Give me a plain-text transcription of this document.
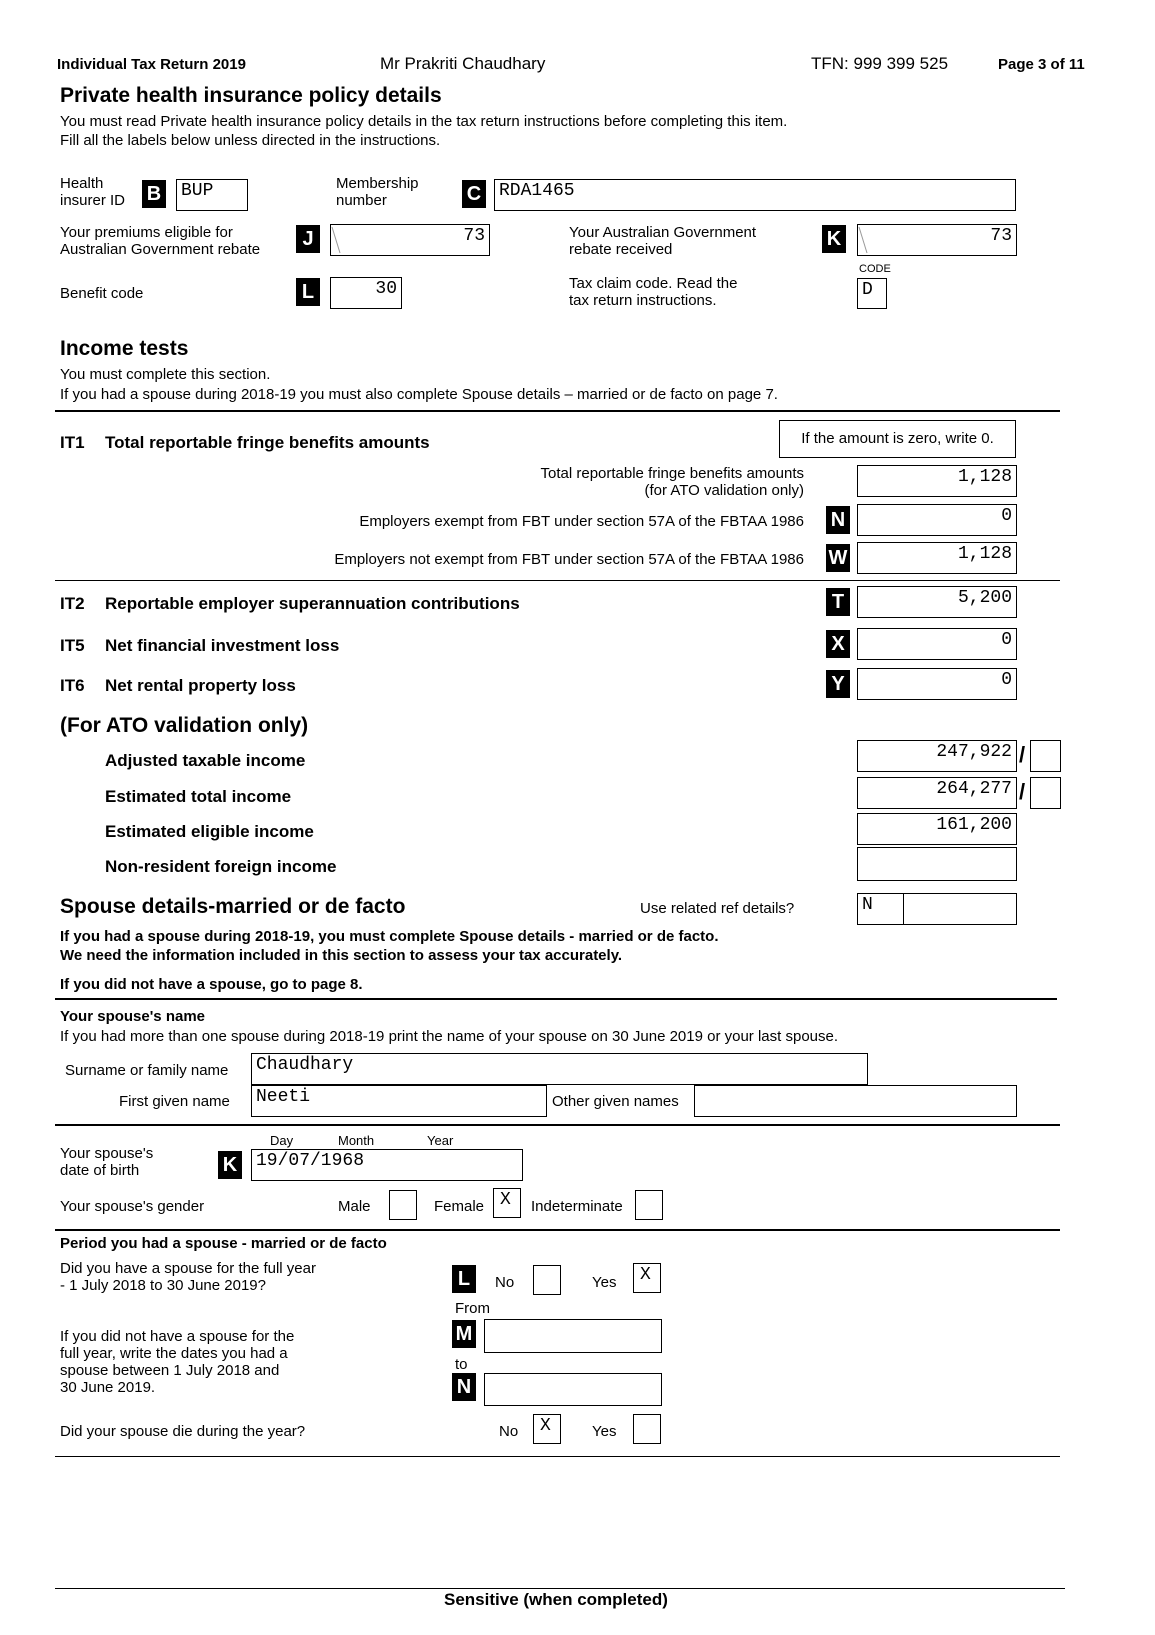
Individual Tax Return 2019	Mr Prakriti Chaudhary	TFN: 999 399 525	Page 3 of 11
Private health insurance policy details
You must read Private health insurance policy details in the tax return instructions before completing this item.
Fill all the labels below unless directed in the instructions.
Health
insurer ID B BUP	Membership
number	C RDA1465
Your premiums eligible for
Australian Government rebate	J	73	Your Australian Government
rebate received	K	73
Benefit code	L	30	Tax claim code. Read the
tax return instructions.
CODE
D
Income tests
You must complete this section.
If you had a spouse during 2018-19 you must also complete Spouse details – married or de facto on page 7.
If the amount is zero, write 0.
IT1 Total reportable fringe benefits amounts
Total reportable fringe benefits amounts
(for ATO validation only)
1,128
Employers exempt from FBT under section 57A of the FBTAA 1986 N	0
Employers not exempt from FBT under section 57A of the FBTAA 1986 W	1,128
IT2 Reportable employer superannuation contributions	T	5,200
IT5 Net financial investment loss	X	0
IT6 Net rental property loss	Y	0
(For ATO validation only)
Adjusted taxable income	247,922 /
Estimated total income	264,277 /
Estimated eligible income	161,200
Non-resident foreign income
Spouse details-married or de facto	Use related ref details?	N
If you had a spouse during 2018-19, you must complete Spouse details - married or de facto.
We need the information included in this section to assess your tax accurately.
If you did not have a spouse, go to page 8.
Your spouse's name
If you had more than one spouse during 2018-19 print the name of your spouse on 30 June 2019 or your last spouse.
Surname or family name Chaudhary
First given name Neeti	Other given names
Day	Month	Year
Your spouse's
date of birth	K 19/07/1968
Your spouse's gender	Male	Female X	Indeterminate
Period you had a spouse - married or de facto
Did you have a spouse for the full year
- 1 July 2018 to 30 June 2019?	L	No	Yes	X
From
If you did not have a spouse for the
full year, write the dates you had a
spouse between 1 July 2018 and
30 June 2019.
M
to
N
Did your spouse die during the year?	No	X	Yes
Sensitive (when completed)
